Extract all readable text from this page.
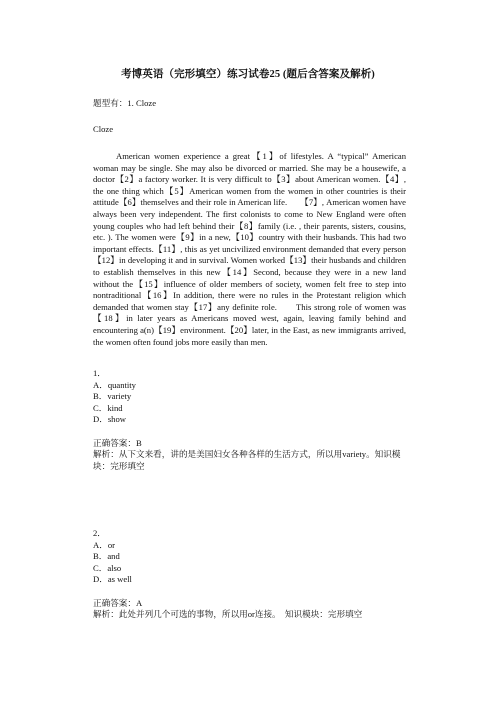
考博英语（完形填空）练习试卷25 (题后含答案及解析)
题型有：1. Cloze
Cloze

American women experience a great【1】of lifestyles. A “typical” American woman may be single. She may also be divorced or married. She may be a housewife, a doctor【2】a factory worker. It is very difficult to【3】about American women.【4】, the one thing which【5】American women from the women in other countries is their attitude【6】themselves and their role in American life.　　【7】, American women have always been very independent. The first colonists to come to New England were often young couples who had left behind their【8】family (i.e. , their parents, sisters, cousins, etc. ). The women were【9】in a new,【10】country with their husbands. This had two important effects.【11】, this as yet uncivilized environment demanded that every person【12】in developing it and in survival. Women worked【13】their husbands and children to establish themselves in this new【14】Second, because they were in a new land without the【15】influence of older members of society, women felt free to step into nontraditional【16】In addition, there were no rules in the Protestant religion which demanded that women stay【17】any definite role.　　This strong role of women was【18】in later years as Americans moved west, again, leaving family behind and encountering a(n)【19】environment.【20】later, in the East, as new immigrants arrived, the women often found jobs more easily than men.

1．
A．quantity
B．variety
C．kind
D．show
正确答案：B
解析：从下文来看，讲的是美国妇女各种各样的生活方式，所以用variety。知识模块：完形填空
2．
A．or
B．and
C．also
D．as well
正确答案：A
解析：此处并列几个可选的事物，所以用or连接。　知识模块：完形填空
